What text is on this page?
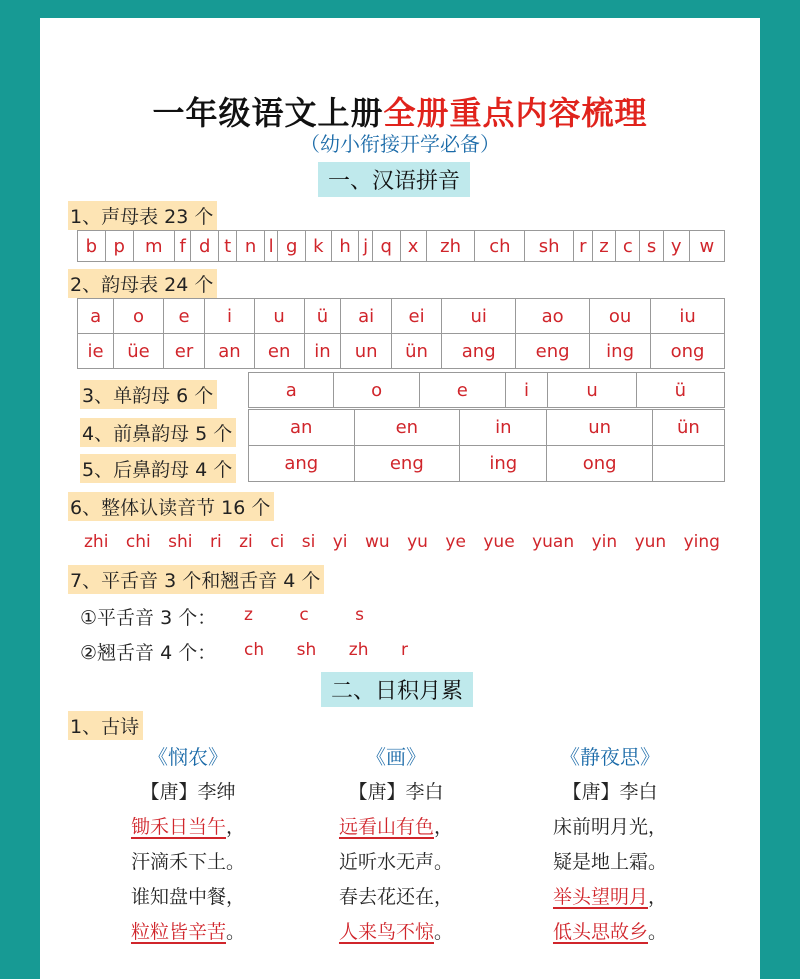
一年级语文上册全册重点内容梳理
（幼小衔接开学必备）
一、汉语拼音
1、声母表 23 个
b	p	m	f	d	t	n	l	g	k	h	j	q	x	zh	ch	sh	r	z	c	s	y	w
2、韵母表 24 个
a	o	e	i	u	ü	ai	ei	ui	ao	ou	iu
ie	üe	er	an	en	in	un	ün	ang	eng	ing	ong
3、单韵母 6 个	a	o	e	i	u	ü
4、前鼻韵母 5 个
5、后鼻韵母 4 个
an	en	in	un	ün
ang	eng	ing	ong	
6、整体认读音节 16 个
zhi chi shi ri zi ci si yi wu yu ye yue yuan yin yun ying
7、平舌音 3 个和翘舌音 4 个
①平舌音 3 个： z	c	s
②翘舌音 4 个： ch sh zh r
二、日积月累
1、古诗
《悯农》
【唐】李绅
锄禾日当午，
汗滴禾下土。
谁知盘中餐，
粒粒皆辛苦。
《画》
【唐】李白
远看山有色，
近听水无声。
春去花还在，
人来鸟不惊。
《静夜思》
【唐】李白
床前明月光，
疑是地上霜。
举头望明月，
低头思故乡。
